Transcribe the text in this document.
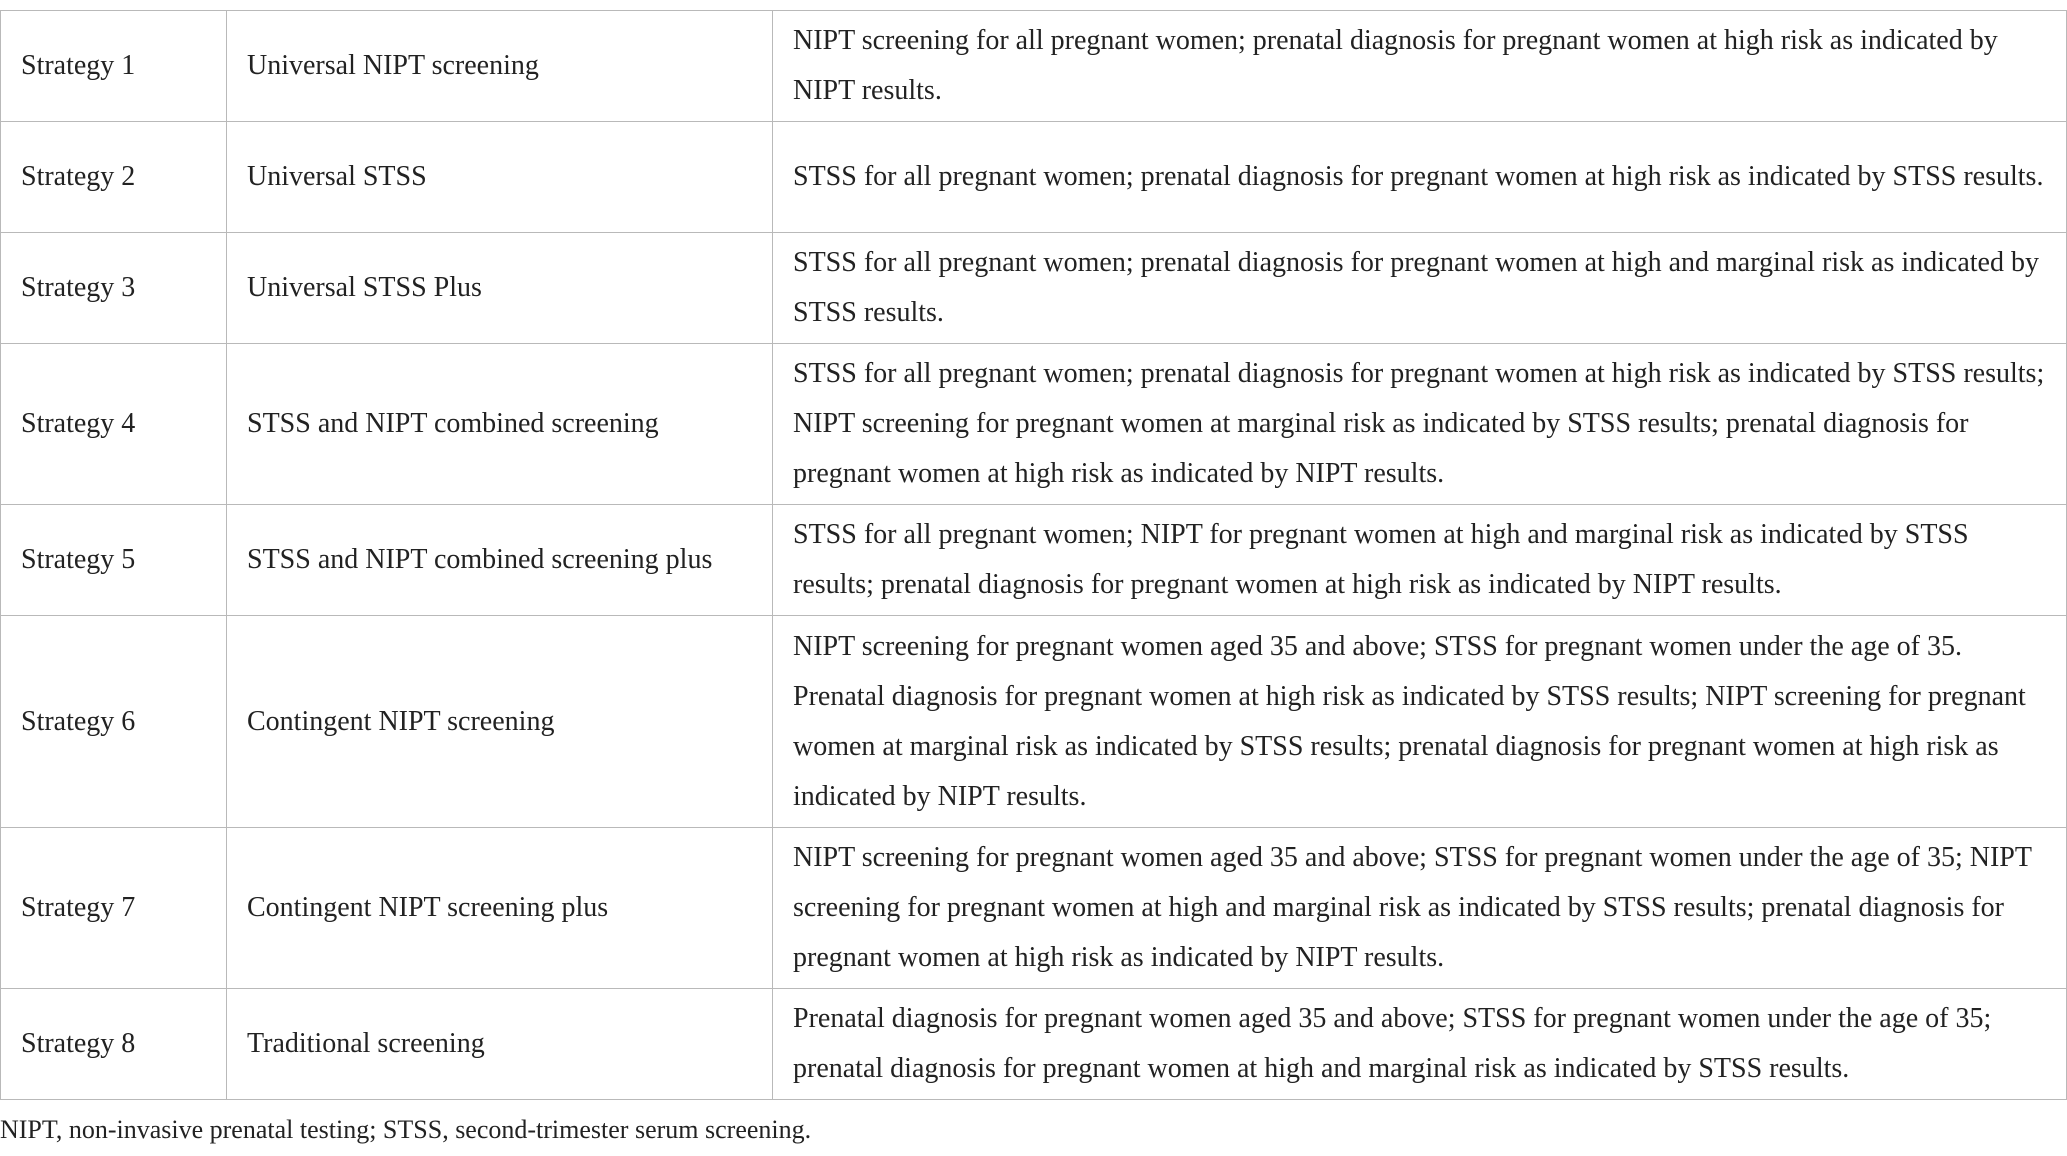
Strategy 1	Universal NIPT screening	NIPT screening for all pregnant women; prenatal diagnosis for pregnant women at high risk as indicated by NIPT results.
Strategy 2	Universal STSS	STSS for all pregnant women; prenatal diagnosis for pregnant women at high risk as indicated by STSS results.
Strategy 3	Universal STSS Plus	STSS for all pregnant women; prenatal diagnosis for pregnant women at high and marginal risk as indicated by STSS results.
Strategy 4	STSS and NIPT combined screening	STSS for all pregnant women; prenatal diagnosis for pregnant women at high risk as indicated by STSS results; NIPT screening for pregnant women at marginal risk as indicated by STSS results; prenatal diagnosis for pregnant women at high risk as indicated by NIPT results.
Strategy 5	STSS and NIPT combined screening plus	STSS for all pregnant women; NIPT for pregnant women at high and marginal risk as indicated by STSS results; prenatal diagnosis for pregnant women at high risk as indicated by NIPT results.
Strategy 6	Contingent NIPT screening	NIPT screening for pregnant women aged 35 and above; STSS for pregnant women under the age of 35. Prenatal diagnosis for pregnant women at high risk as indicated by STSS results; NIPT screening for pregnant women at marginal risk as indicated by STSS results; prenatal diagnosis for pregnant women at high risk as indicated by NIPT results.
Strategy 7	Contingent NIPT screening plus	NIPT screening for pregnant women aged 35 and above; STSS for pregnant women under the age of 35; NIPT screening for pregnant women at high and marginal risk as indicated by STSS results; prenatal diagnosis for pregnant women at high risk as indicated by NIPT results.
Strategy 8	Traditional screening	Prenatal diagnosis for pregnant women aged 35 and above; STSS for pregnant women under the age of 35; prenatal diagnosis for pregnant women at high and marginal risk as indicated by STSS results.
NIPT, non-invasive prenatal testing; STSS, second-trimester serum screening.
